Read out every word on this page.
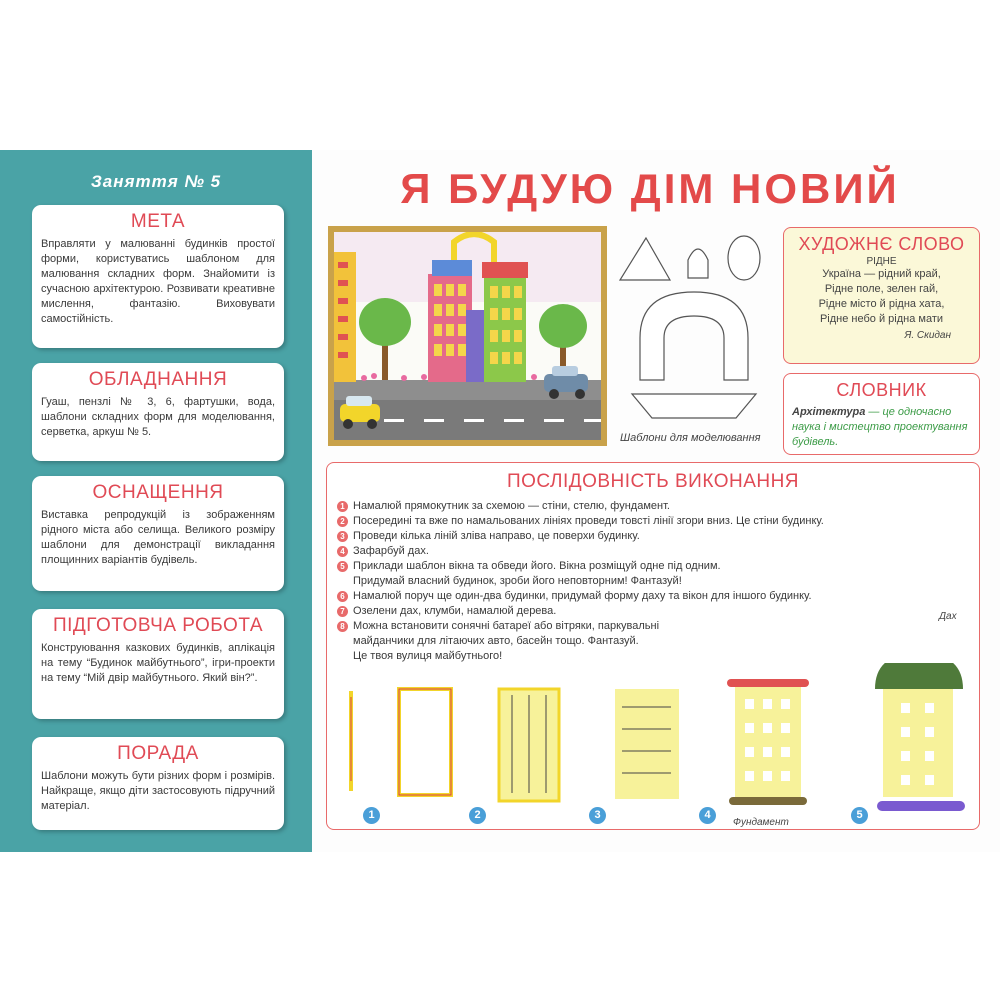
Заняття № 5
МЕТА

Вправляти у малюванні будинків простої форми, користуватись шаблоном для малювання складних форм. Знайомити із сучасною архітектурою. Розвивати креативне мислення, фантазію. Виховувати самостійність.

ОБЛАДНАННЯ

Гуаш, пензлі № 3, 6, фартушки, вода, шаблони складних форм для моделювання, серветка, аркуш № 5.

ОСНАЩЕННЯ

Виставка репродукцій із зображенням рідного міста або селища. Великого розміру шаблони для демонстрації викладання площинних варіантів будівель.

ПІДГОТОВЧА РОБОТА

Конструювання казкових будинків, аплікація на тему “Будинок майбутнього”, ігри-проекти на тему “Мій двір майбутнього. Який він?”.

ПОРАДА

Шаблони можуть бути різних форм і розмірів. Найкраще, якщо діти застосовують підручний матеріал.

Я БУДУЮ ДІМ НОВИЙ
Шаблони для моделювання
ХУДОЖНЄ СЛОВО
РІДНЕ
Україна — рідний край,
Рідне поле, зелен гай,
Рідне місто й рідна хата,
Рідне небо й рідна мати
Я. Скидан
СЛОВНИК
Архітектура — це одночасно наука і мистецтво проектування будівель.
ПОСЛІДОВНІСТЬ ВИКОНАННЯ
1 Намалюй прямокутник за схемою — стіни, стелю, фундамент.
2 Посередині та вже по намальованих лініях проведи товсті лінії згори вниз. Це стіни будинку.
3 Проведи кілька ліній зліва направо, це поверхи будинку.
4 Зафарбуй дах.
5 Приклади шаблон вікна та обведи його. Вікна розміщуй одне під одним.
Придумай власний будинок, зроби його неповторним! Фантазуй!
6 Намалюй поруч ще один-два будинки, придумай форму даху та вікон для іншого будинку.
7 Озелени дах, клумби, намалюй дерева.
8 Можна встановити сонячні батареї або вітряки, паркувальні
майданчики для літаючих авто, басейн тощо. Фантазуй.
Це твоя вулиця майбутнього!
1	2	3	4	5
Фундамент
Дах
